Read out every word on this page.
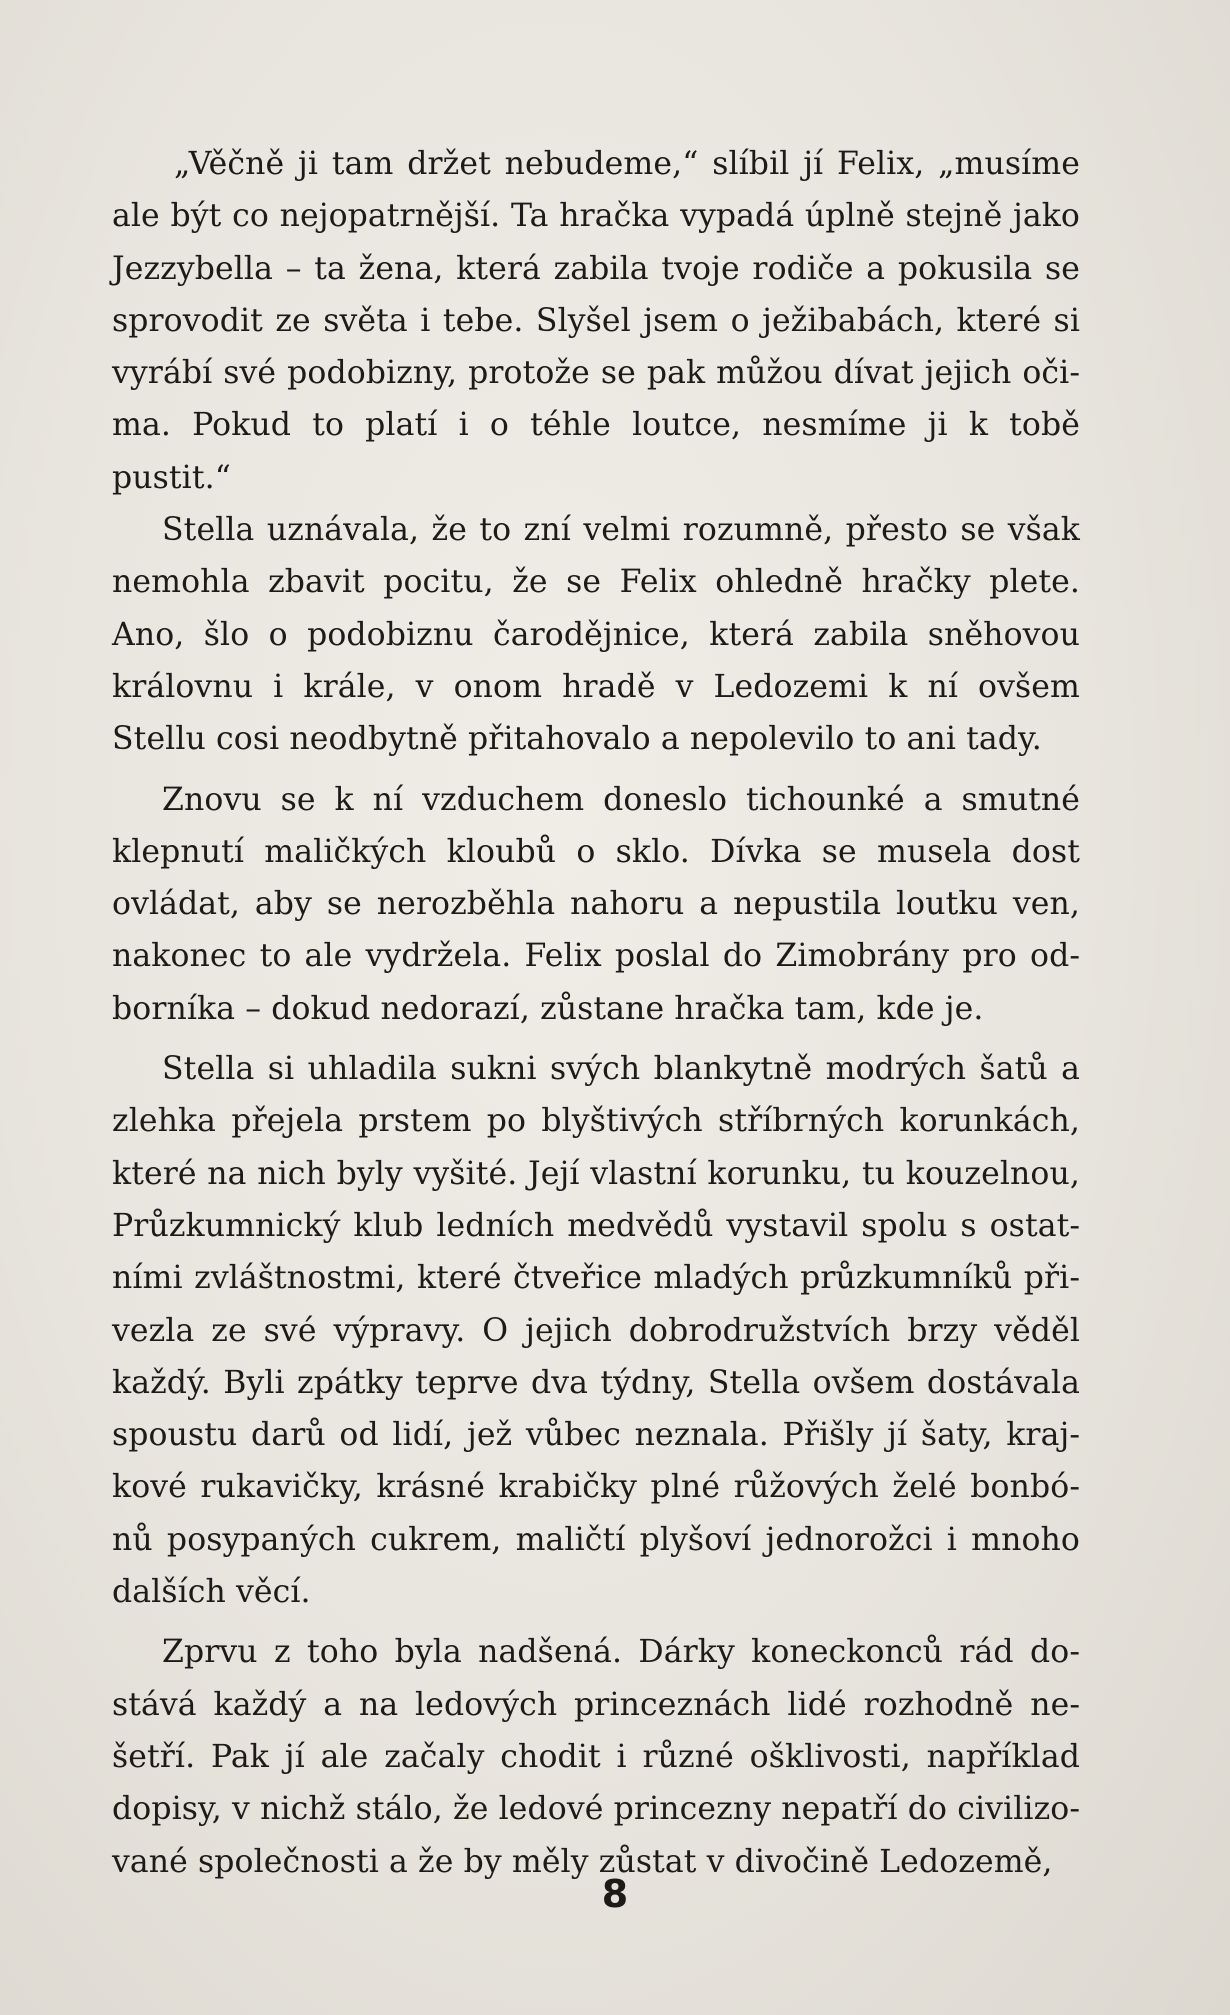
„Věčně ji tam držet nebudeme,“ slíbil jí Felix, „musíme ale být co nejopatrnější. Ta hračka vypadá úplně stejně jako Jezzybella – ta žena, která zabila tvoje rodiče a pokusila se sprovodit ze světa i tebe. Slyšel jsem o ježibabách, které si vyrábí své podobizny, protože se pak můžou dívat jejich očima. Pokud to platí i o téhle loutce, nesmíme ji k tobě pustit.“

Stella uznávala, že to zní velmi rozumně, přesto se však nemohla zbavit pocitu, že se Felix ohledně hračky plete. Ano, šlo o podobiznu čarodějnice, která zabila sněhovou královnu i krále, v onom hradě v Ledozemi k ní ovšem Stellu cosi neodbytně přitahovalo a nepolevilo to ani tady.

Znovu se k ní vzduchem doneslo tichounké a smutné klepnutí maličkých kloubů o sklo. Dívka se musela dost ovládat, aby se nerozběhla nahoru a nepustila loutku ven, nakonec to ale vydržela. Felix poslal do Zimobrány pro odborníka – dokud nedorazí, zůstane hračka tam, kde je.

Stella si uhladila sukni svých blankytně modrých šatů a zlehka přejela prstem po blyštivých stříbrných korunkách, které na nich byly vyšité. Její vlastní korunku, tu kouzelnou, Průzkumnický klub ledních medvědů vystavil spolu s ostatními zvláštnostmi, které čtveřice mladých průzkumníků přivezla ze své výpravy. O jejich dobrodružstvích brzy věděl každý. Byli zpátky teprve dva týdny, Stella ovšem dostávala spoustu darů od lidí, jež vůbec neznala. Přišly jí šaty, krajkové rukavičky, krásné krabičky plné růžových želé bonbónů posypaných cukrem, maličtí plyšoví jednorožci i mnoho dalších věcí.

Zprvu z toho byla nadšená. Dárky koneckonců rád dostává každý a na ledových princeznách lidé rozhodně nešetří. Pak jí ale začaly chodit i různé ošklivosti, například dopisy, v nichž stálo, že ledové princezny nepatří do civilizované společnosti a že by měly zůstat v divočině Ledozemě,

8
